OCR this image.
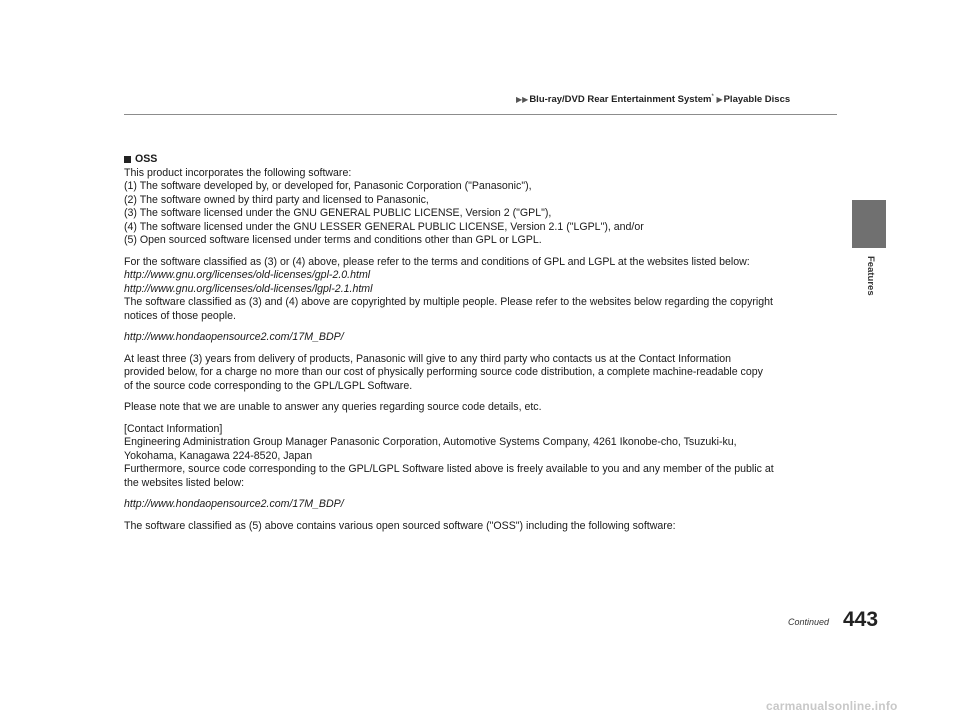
▶▶Blu-ray/DVD Rear Entertainment System* ▶Playable Discs
Features
OSS
This product incorporates the following software:
(1) The software developed by, or developed for, Panasonic Corporation ("Panasonic"),
(2) The software owned by third party and licensed to Panasonic,
(3) The software licensed under the GNU GENERAL PUBLIC LICENSE, Version 2 ("GPL"),
(4) The software licensed under the GNU LESSER GENERAL PUBLIC LICENSE, Version 2.1 ("LGPL"), and/or
(5) Open sourced software licensed under terms and conditions other than GPL or LGPL.
For the software classified as (3) or (4) above, please refer to the terms and conditions of GPL and LGPL at the websites listed below:
http://www.gnu.org/licenses/old-licenses/gpl-2.0.html
http://www.gnu.org/licenses/old-licenses/lgpl-2.1.html
The software classified as (3) and (4) above are copyrighted by multiple people. Please refer to the websites below regarding the copyright
notices of those people.
http://www.hondaopensource2.com/17M_BDP/
At least three (3) years from delivery of products, Panasonic will give to any third party who contacts us at the Contact Information
provided below, for a charge no more than our cost of physically performing source code distribution, a complete machine-readable copy
of the source code corresponding to the GPL/LGPL Software.
Please note that we are unable to answer any queries regarding source code details, etc.
[Contact Information]
Engineering Administration Group Manager Panasonic Corporation, Automotive Systems Company, 4261 Ikonobe-cho, Tsuzuki-ku,
Yokohama, Kanagawa 224-8520, Japan
Furthermore, source code corresponding to the GPL/LGPL Software listed above is freely available to you and any member of the public at
the websites listed below:
http://www.hondaopensource2.com/17M_BDP/
The software classified as (5) above contains various open sourced software ("OSS") including the following software:
Continued 443
carmanualsonline.info
